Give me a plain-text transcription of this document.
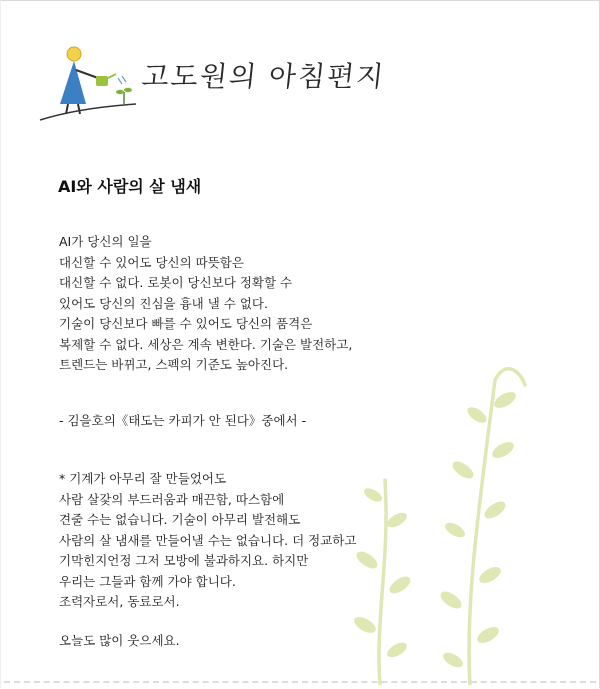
고도원의 아침편지
AI와 사람의 살 냄새
AI가 당신의 일을
대신할 수 있어도 당신의 따뜻함은
대신할 수 없다. 로봇이 당신보다 정확할 수
있어도 당신의 진심을 흉내 낼 수 없다.
기술이 당신보다 빠를 수 있어도 당신의 품격은
복제할 수 없다. 세상은 계속 변한다. 기술은 발전하고,
트렌드는 바뀌고, 스펙의 기준도 높아진다.
- 김을호의《태도는 카피가 안 된다》중에서 -
* 기계가 아무리 잘 만들었어도
사람 살갗의 부드러움과 매끈함, 따스함에
견줄 수는 없습니다. 기술이 아무리 발전해도
사람의 살 냄새를 만들어낼 수는 없습니다. 더 정교하고
기막힌지언정 그저 모방에 불과하지요. 하지만
우리는 그들과 함께 가야 합니다.
조력자로서, 동료로서.
오늘도 많이 웃으세요.
